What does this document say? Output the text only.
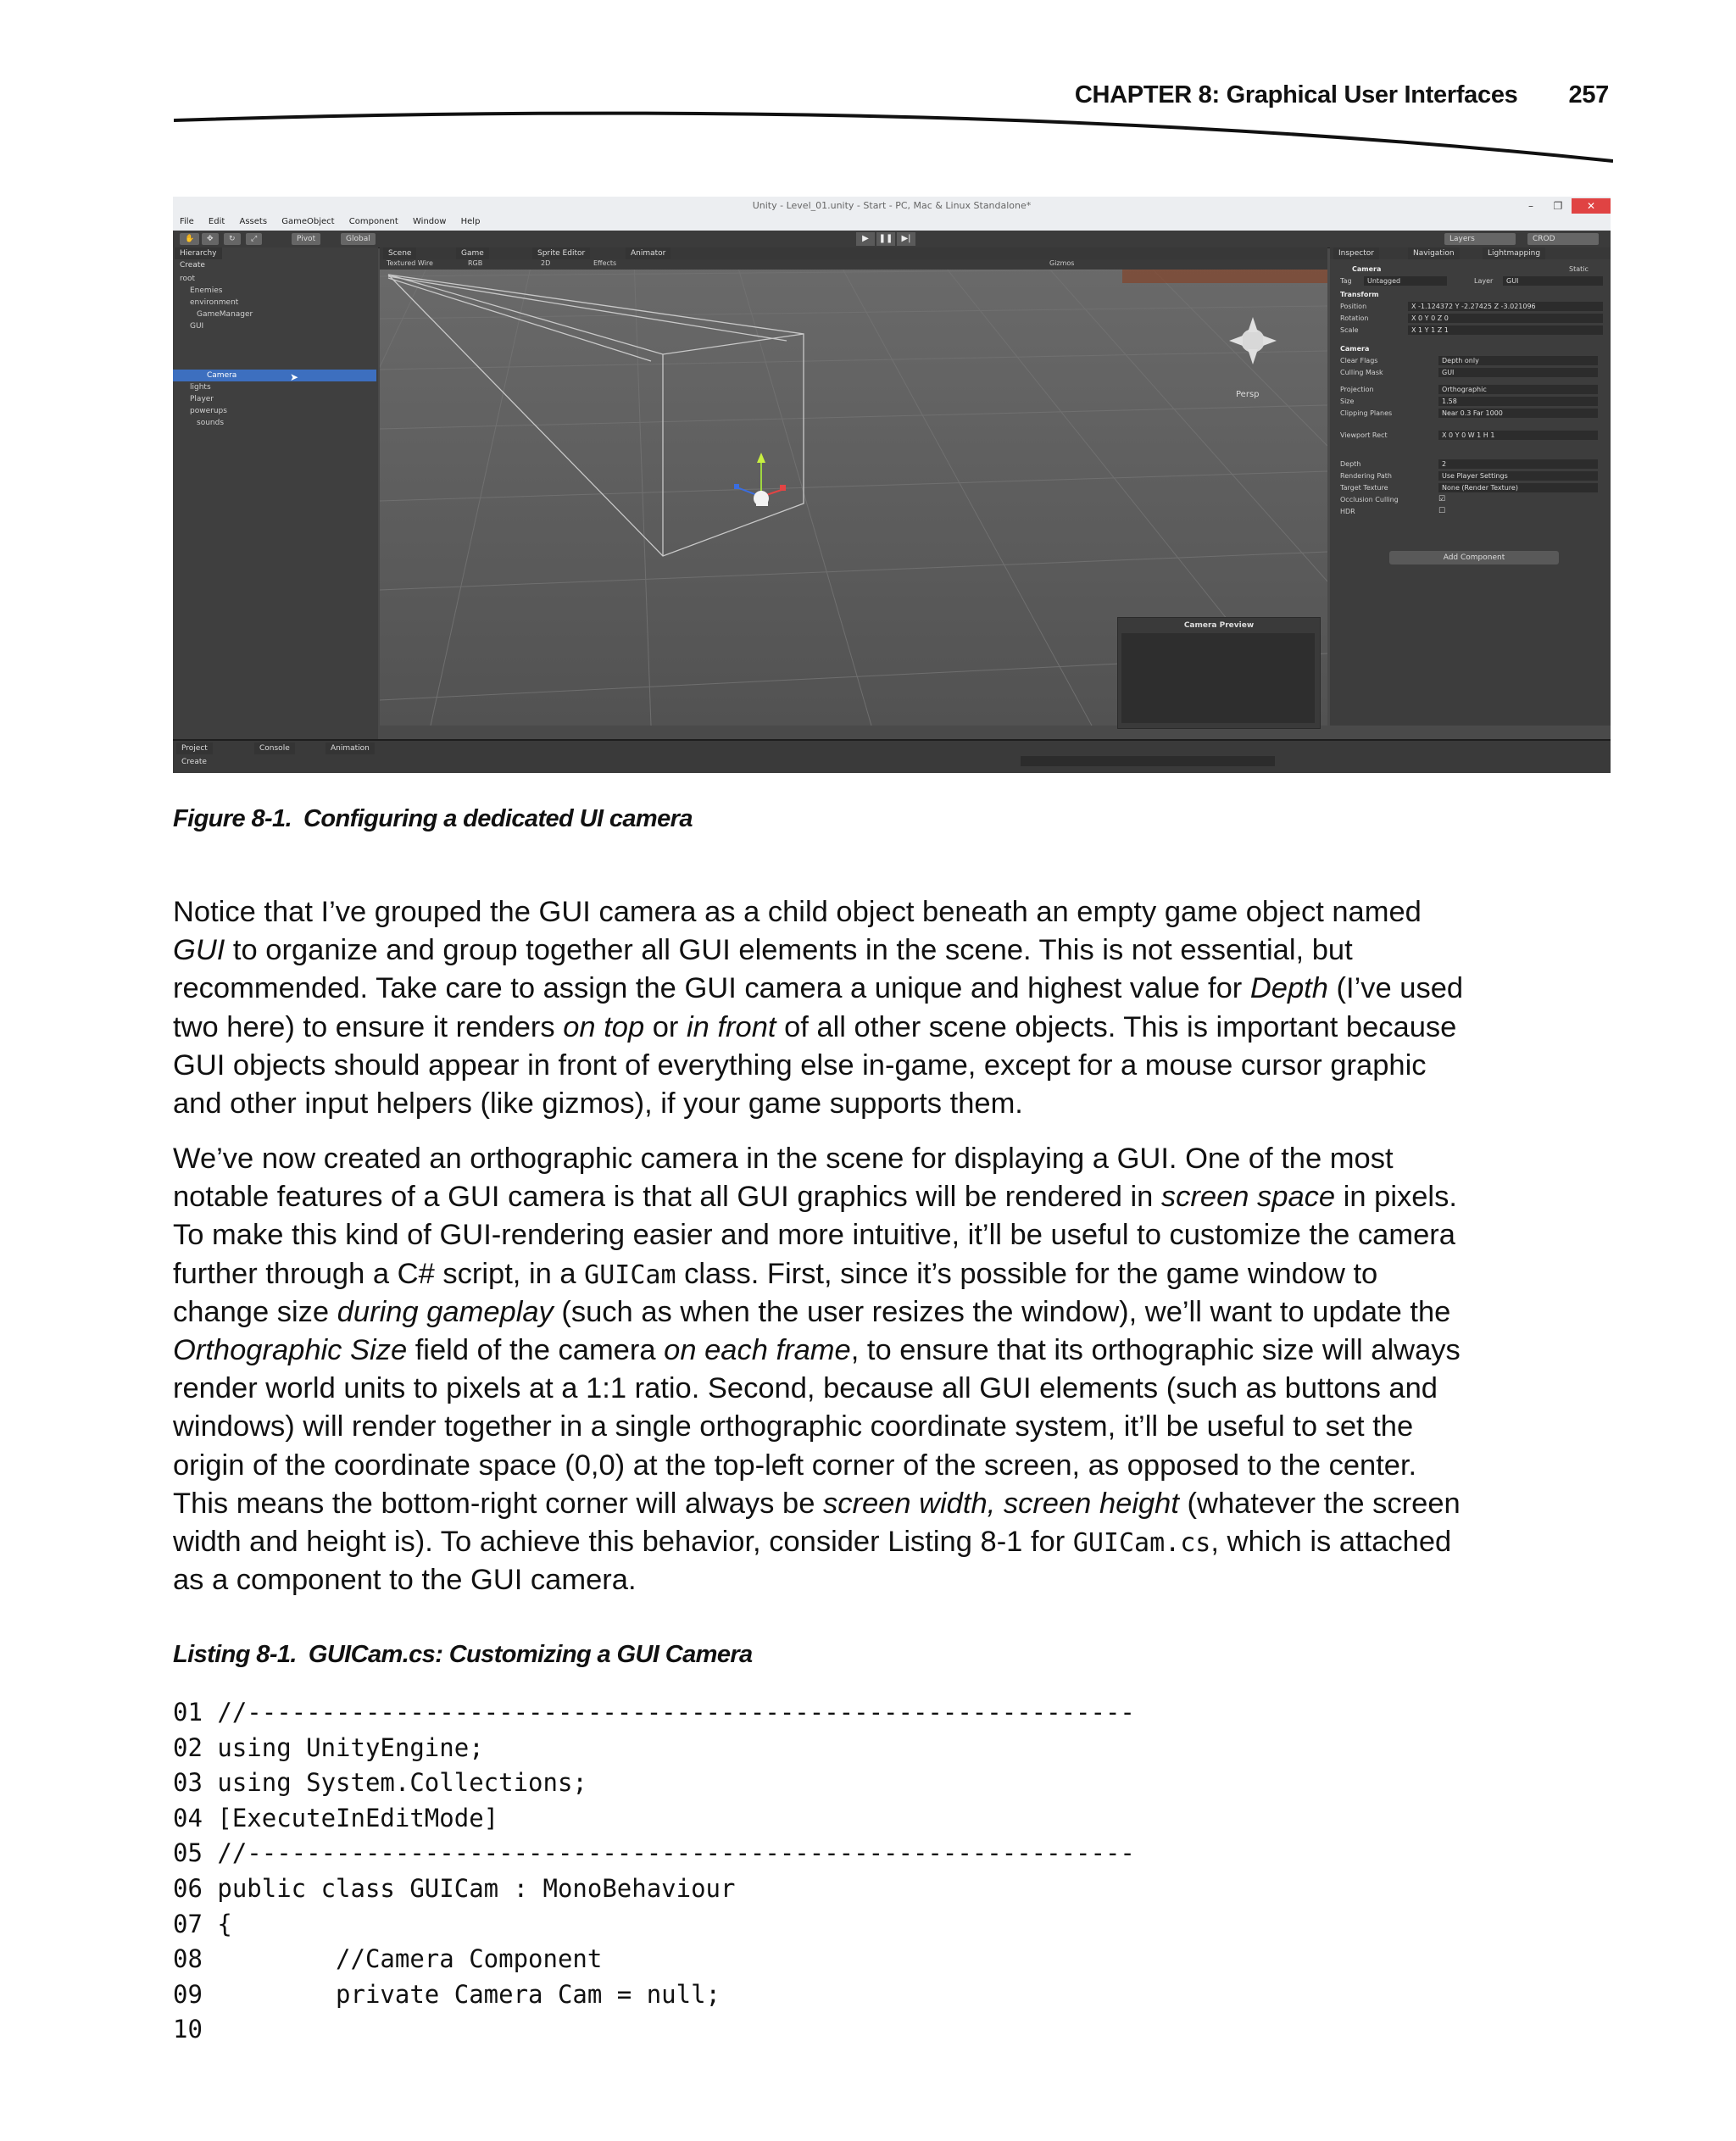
CHAPTER 8: Graphical User Interfaces 257
Unity - Level_01.unity - Start - PC, Mac & Linux Standalone*	–	❐	✕
File Edit Assets GameObject Component Window Help
✋	✥	↻	⤢	Pivot	Global	▶	❚❚	▶|	Layers	CROD
Hierarchy
Create
root
Enemies
environment
GameManager
GUI
Camera
lights
Player
powerups
sounds
➤
Scene	Game	Sprite Editor	Animator
Persp
Textured Wire	RGB	2D	Effects	Gizmos
Camera Preview
Inspector	Navigation	Lightmapping
Camera	Static
Tag	Untagged	Layer	GUI
Transform
Position	X -1.124372 Y -2.27425 Z -3.021096
Rotation	X 0 Y 0 Z 0
Scale	X 1 Y 1 Z 1
Camera
Clear Flags	Depth only
Culling Mask	GUI
Projection	Orthographic
Size	1.58
Clipping Planes	Near 0.3 Far 1000
Viewport Rect	X 0 Y 0 W 1 H 1
Depth	2
Rendering Path	Use Player Settings
Target Texture	None (Render Texture)
Occlusion Culling	☑
HDR	☐
Add Component
Project	Console	Animation
Create
Figure 8-1. Configuring a dedicated UI camera
Notice that I’ve grouped the GUI camera as a child object beneath an empty game object named
GUI to organize and group together all GUI elements in the scene. This is not essential, but
recommended. Take care to assign the GUI camera a unique and highest value for Depth (I’ve used
two here) to ensure it renders on top or in front of all other scene objects. This is important because
GUI objects should appear in front of everything else in-game, except for a mouse cursor graphic
and other input helpers (like gizmos), if your game supports them.
We’ve now created an orthographic camera in the scene for displaying a GUI. One of the most
notable features of a GUI camera is that all GUI graphics will be rendered in screen space in pixels.
To make this kind of GUI-rendering easier and more intuitive, it’ll be useful to customize the camera
further through a C# script, in a GUICam class. First, since it’s possible for the game window to
change size during gameplay (such as when the user resizes the window), we’ll want to update the
Orthographic Size field of the camera on each frame, to ensure that its orthographic size will always
render world units to pixels at a 1:1 ratio. Second, because all GUI elements (such as buttons and
windows) will render together in a single orthographic coordinate system, it’ll be useful to set the
origin of the coordinate space (0,0) at the top-left corner of the screen, as opposed to the center.
This means the bottom-right corner will always be screen width, screen height (whatever the screen
width and height is). To achieve this behavior, consider Listing 8-1 for GUICam.cs, which is attached
as a component to the GUI camera.
Listing 8-1. GUICam.cs: Customizing a GUI Camera
01 //------------------------------------------------------------
02 using UnityEngine;
03 using System.Collections;
04 [ExecuteInEditMode]
05 //------------------------------------------------------------
06 public class GUICam : MonoBehaviour
07 {
08         //Camera Component
09         private Camera Cam = null;
10
